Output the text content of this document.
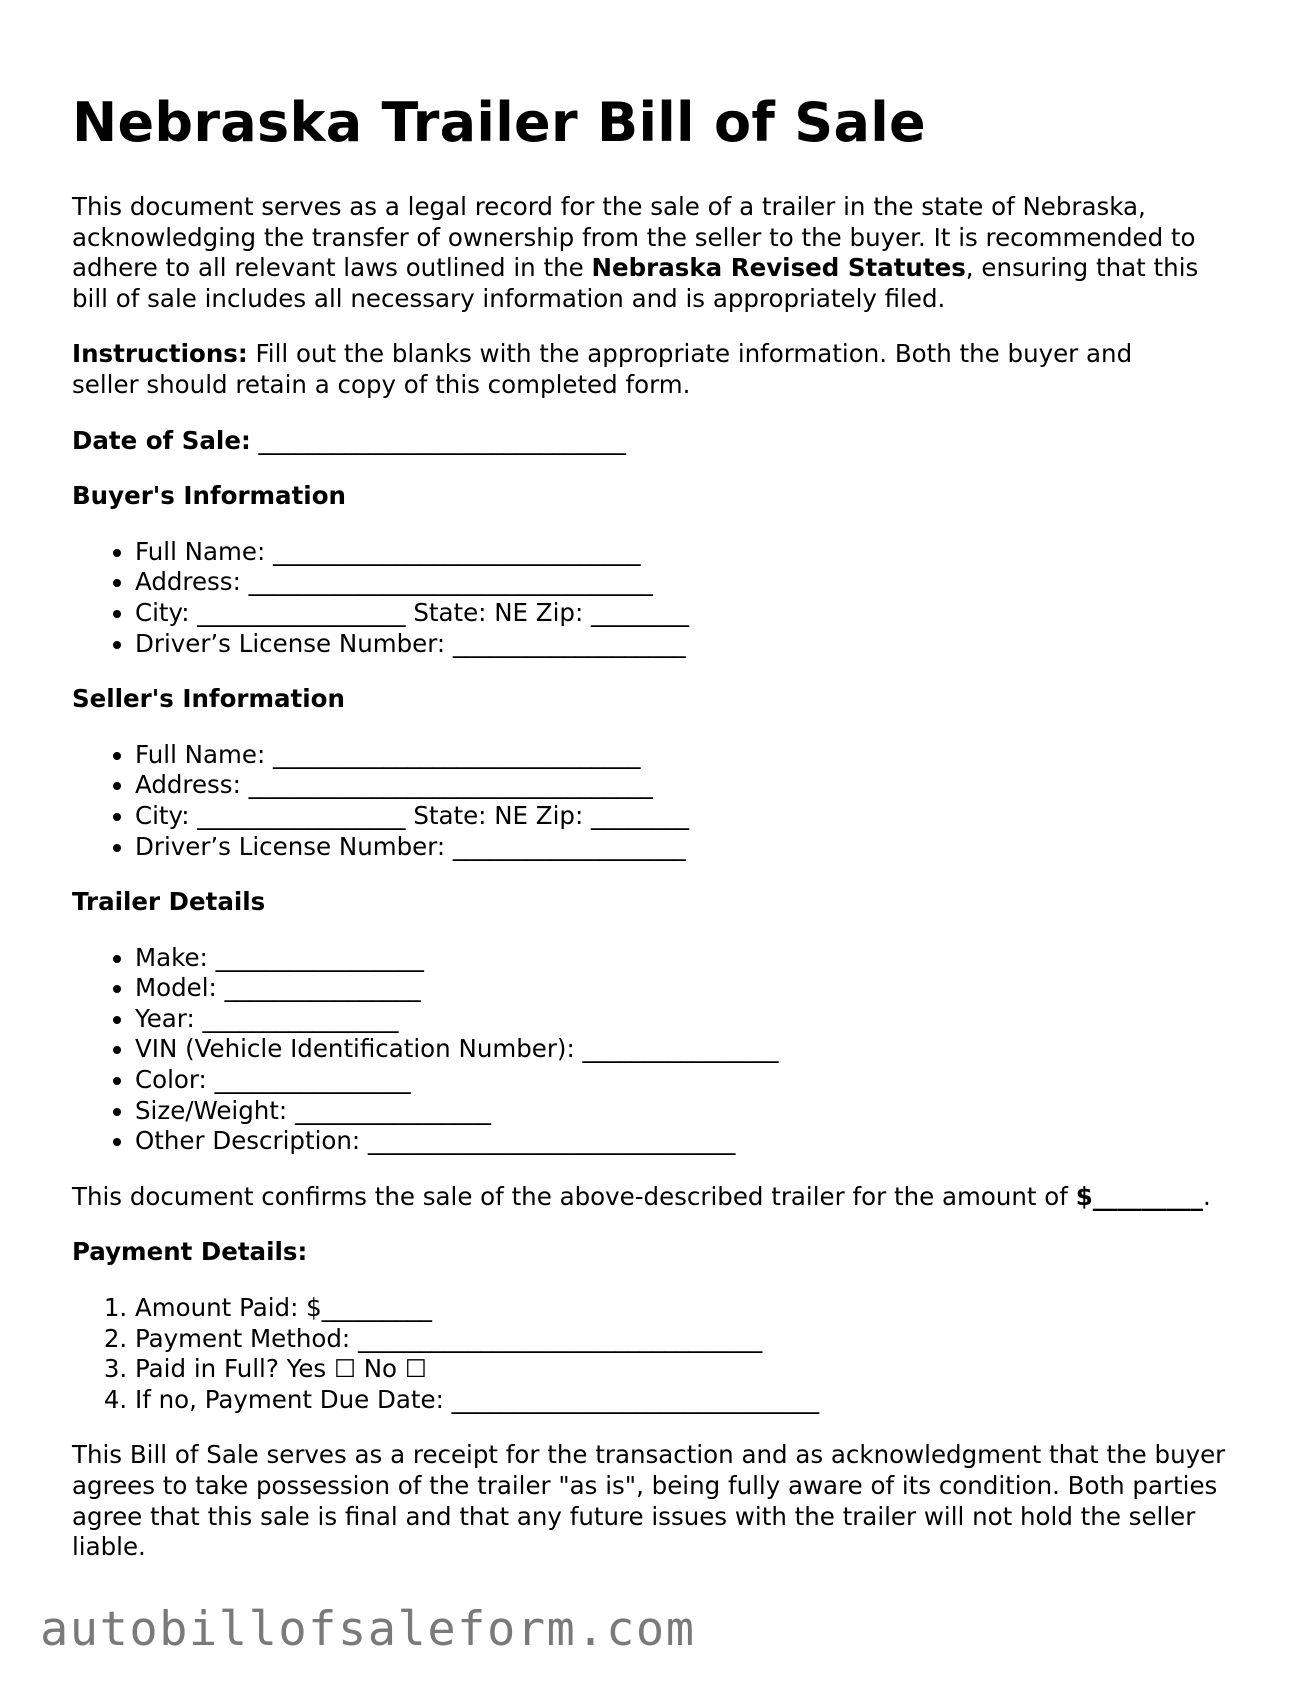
Nebraska Trailer Bill of Sale

This document serves as a legal record for the sale of a trailer in the state of Nebraska, acknowledging the transfer of ownership from the seller to the buyer. It is recommended to adhere to all relevant laws outlined in the Nebraska Revised Statutes, ensuring that this bill of sale includes all necessary information and is appropriately filed.

Instructions: Fill out the blanks with the appropriate information. Both the buyer and seller should retain a copy of this completed form.

Date of Sale: ______________________________

Buyer's Information
• Full Name: ______________________________
• Address: _________________________________
• City: _________________ State: NE Zip: ________
• Driver’s License Number: ___________________
Seller's Information
• Full Name: ______________________________
• Address: _________________________________
• City: _________________ State: NE Zip: ________
• Driver’s License Number: ___________________
Trailer Details
• Make: _________________
• Model: ________________
• Year: ________________
• VIN (Vehicle Identification Number): ________________
• Color: ________________
• Size/Weight: ________________
• Other Description: ______________________________

This document confirms the sale of the above-described trailer for the amount of $_________.

Payment Details:
1. Amount Paid: $_________
2. Payment Method: _________________________________
3. Paid in Full? Yes ☐ No ☐
4. If no, Payment Due Date: ______________________________

This Bill of Sale serves as a receipt for the transaction and as acknowledgment that the buyer agrees to take possession of the trailer "as is", being fully aware of its condition. Both parties agree that this sale is final and that any future issues with the trailer will not hold the seller liable.

autobillofsaleform.com
